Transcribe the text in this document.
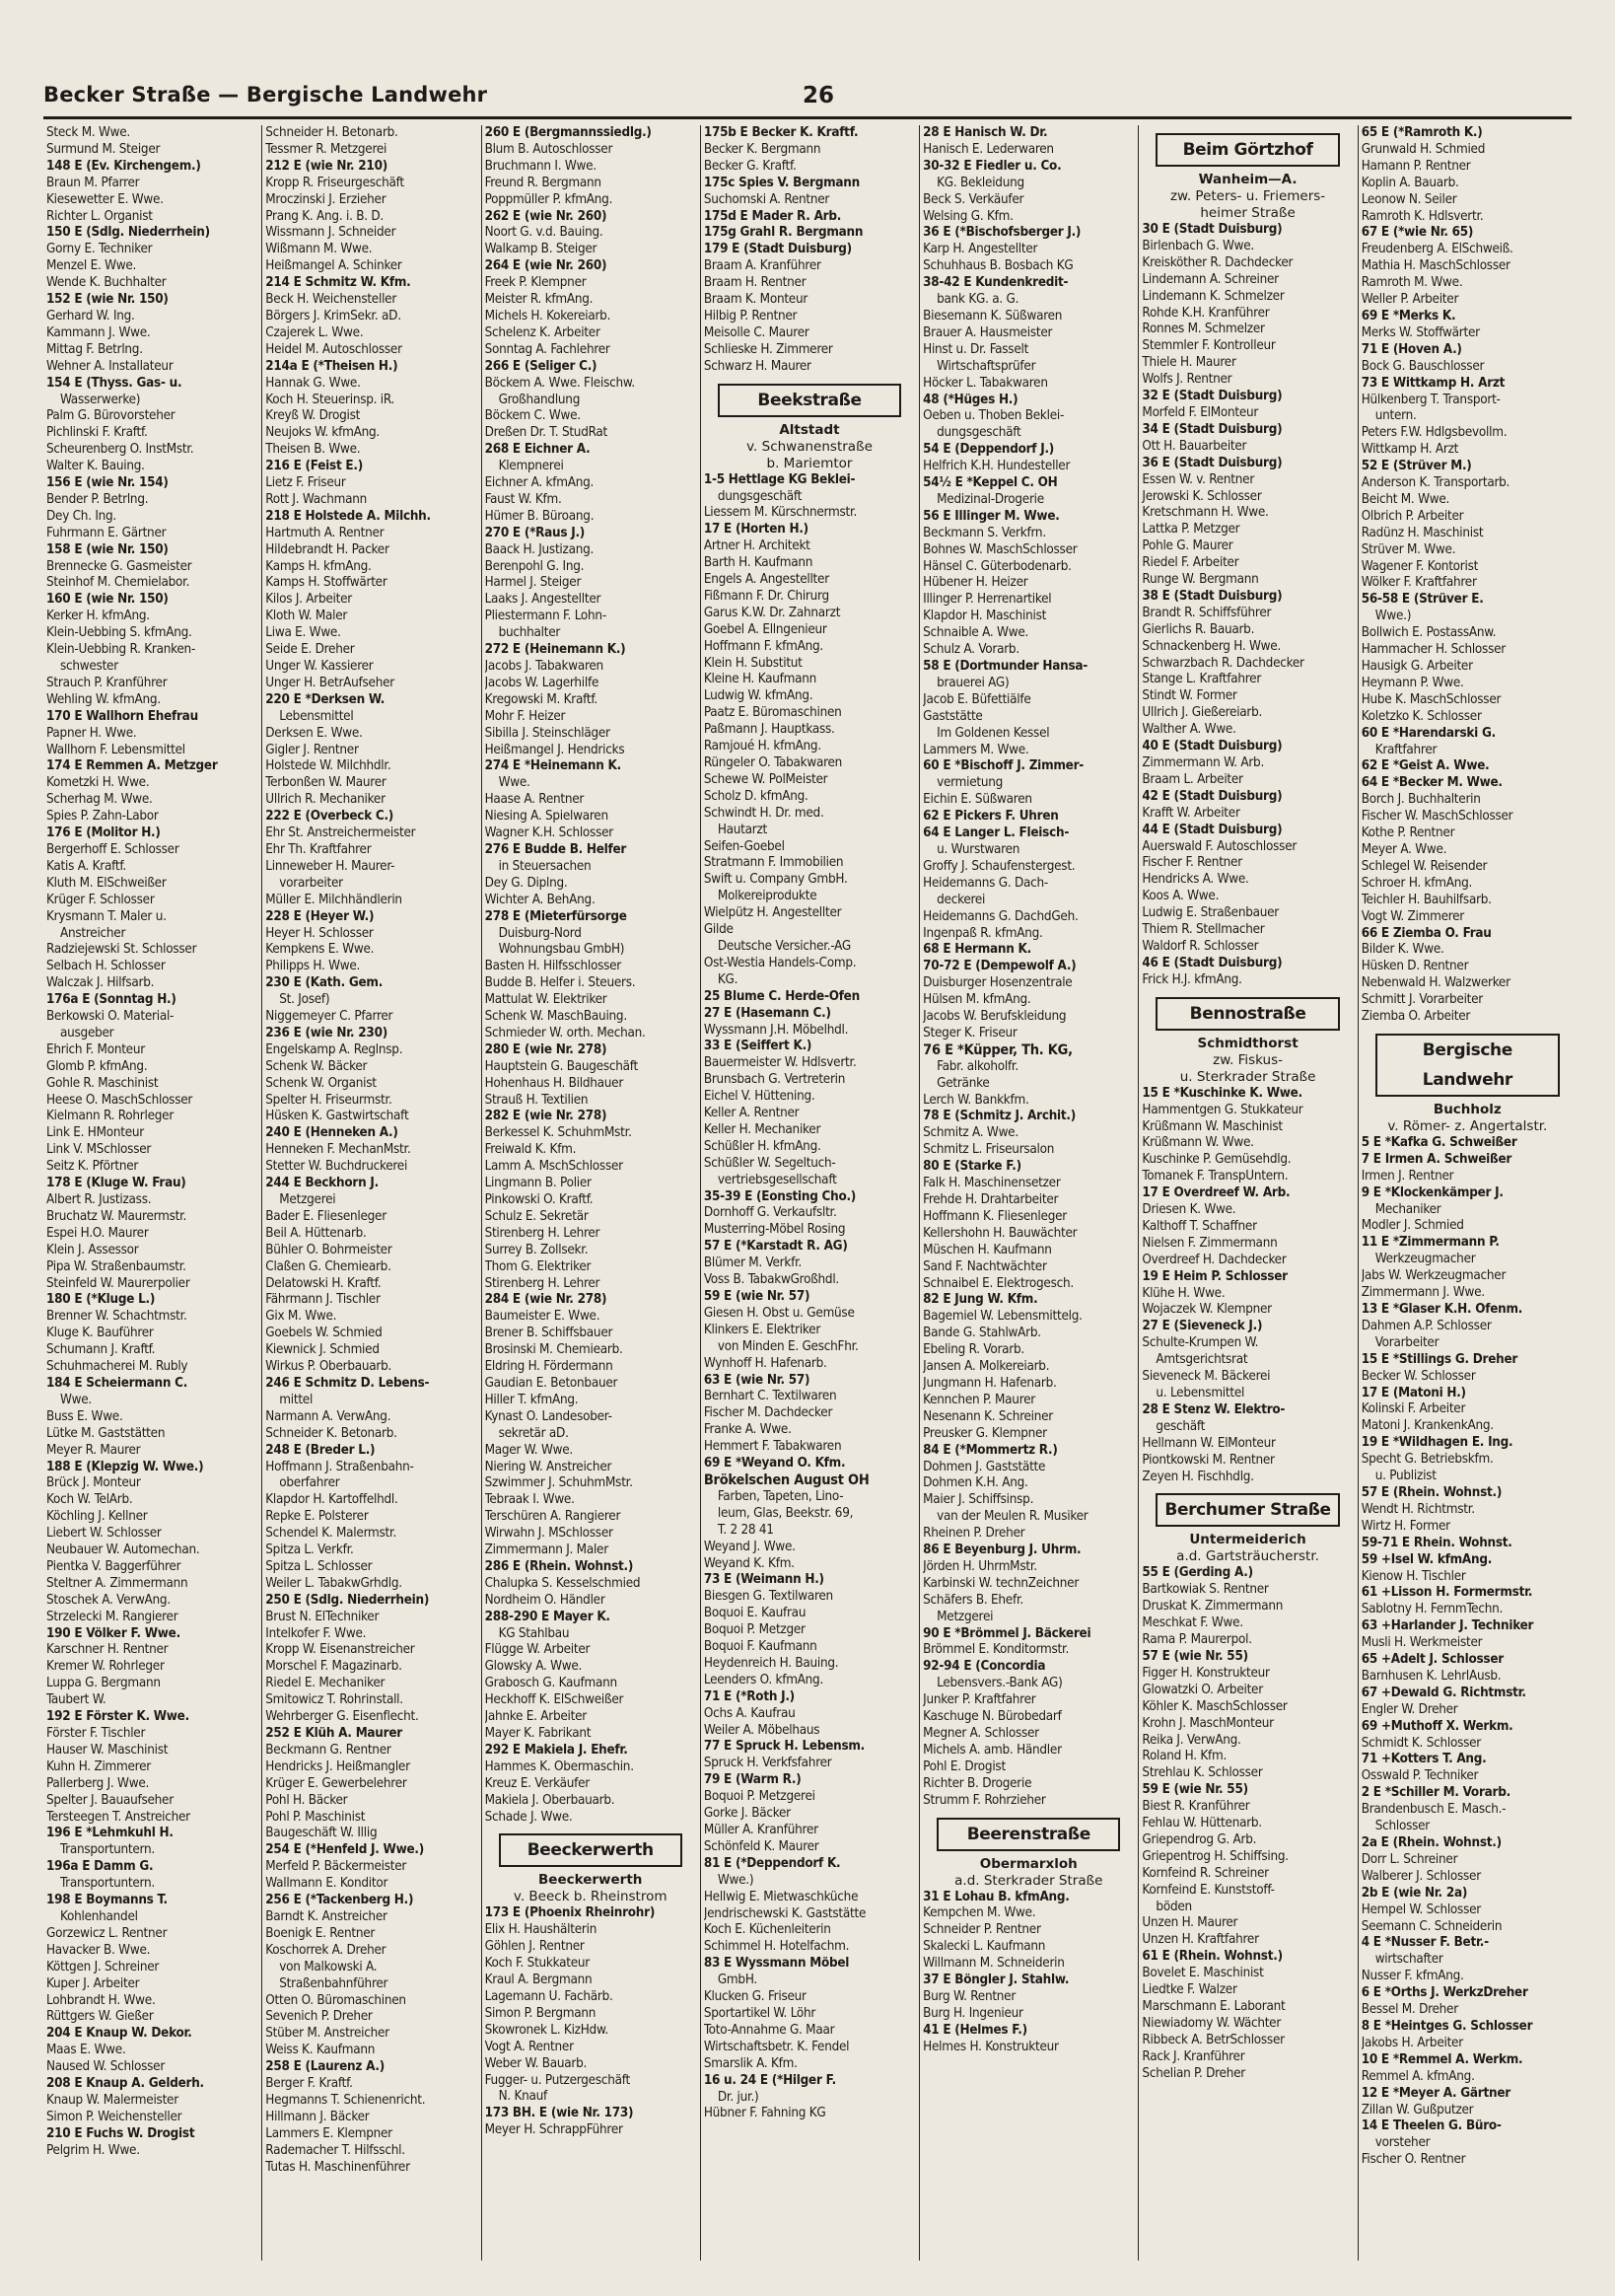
Becker Straße — Bergische Landwehr	26
Steck M. Wwe.
Surmund M. Steiger
148 E (Ev. Kirchengem.)
Braun M. Pfarrer
Kiesewetter E. Wwe.
Richter L. Organist
150 E (Sdlg. Niederrhein)
Gorny E. Techniker
Menzel E. Wwe.
Wende K. Buchhalter
152 E (wie Nr. 150)
Gerhard W. Ing.
Kammann J. Wwe.
Mittag F. Betrlng.
Wehner A. Installateur
154 E (Thyss. Gas- u.
Wasserwerke)
Palm G. Bürovorsteher
Pichlinski F. Kraftf.
Scheurenberg O. InstMstr.
Walter K. Bauing.
156 E (wie Nr. 154)
Bender P. Betrlng.
Dey Ch. Ing.
Fuhrmann E. Gärtner
158 E (wie Nr. 150)
Brennecke G. Gasmeister
Steinhof M. Chemielabor.
160 E (wie Nr. 150)
Kerker H. kfmAng.
Klein-Uebbing S. kfmAng.
Klein-Uebbing R. Kranken-
schwester
Strauch P. Kranführer
Wehling W. kfmAng.
170 E Wallhorn Ehefrau
Papner H. Wwe.
Wallhorn F. Lebensmittel
174 E Remmen A. Metzger
Kometzki H. Wwe.
Scherhag M. Wwe.
Spies P. Zahn-Labor
176 E (Molitor H.)
Bergerhoff E. Schlosser
Katis A. Kraftf.
Kluth M. ElSchweißer
Krüger F. Schlosser
Krysmann T. Maler u.
Anstreicher
Radziejewski St. Schlosser
Selbach H. Schlosser
Walczak J. Hilfsarb.
176a E (Sonntag H.)
Berkowski O. Material-
ausgeber
Ehrich F. Monteur
Glomb P. kfmAng.
Gohle R. Maschinist
Heese O. MaschSchlosser
Kielmann R. Rohrleger
Link E. HMonteur
Link V. MSchlosser
Seitz K. Pförtner
178 E (Kluge W. Frau)
Albert R. Justizass.
Bruchatz W. Maurermstr.
Espei H.O. Maurer
Klein J. Assessor
Pipa W. Straßenbaumstr.
Steinfeld W. Maurerpolier
180 E (*Kluge L.)
Brenner W. Schachtmstr.
Kluge K. Bauführer
Schumann J. Kraftf.
Schuhmacherei M. Rubly
184 E Scheiermann C.
Wwe.
Buss E. Wwe.
Lütke M. Gaststätten
Meyer R. Maurer
188 E (Klepzig W. Wwe.)
Brück J. Monteur
Koch W. TelArb.
Köchling J. Kellner
Liebert W. Schlosser
Neubauer W. Automechan.
Pientka V. Baggerführer
Steltner A. Zimmermann
Stoschek A. VerwAng.
Strzelecki M. Rangierer
190 E Völker F. Wwe.
Karschner H. Rentner
Kremer W. Rohrleger
Luppa G. Bergmann
Taubert W.
192 E Förster K. Wwe.
Förster F. Tischler
Hauser W. Maschinist
Kuhn H. Zimmerer
Pallerberg J. Wwe.
Spelter J. Bauaufseher
Tersteegen T. Anstreicher
196 E *Lehmkuhl H.
Transportuntern.
196a E Damm G.
Transportuntern.
198 E Boymanns T.
Kohlenhandel
Gorzewicz L. Rentner
Havacker B. Wwe.
Köttgen J. Schreiner
Kuper J. Arbeiter
Lohbrandt H. Wwe.
Rüttgers W. Gießer
204 E Knaup W. Dekor.
Maas E. Wwe.
Naused W. Schlosser
208 E Knaup A. Gelderh.
Knaup W. Malermeister
Simon P. Weichensteller
210 E Fuchs W. Drogist
Pelgrim H. Wwe.
Schneider H. Betonarb.
Tessmer R. Metzgerei
212 E (wie Nr. 210)
Kropp R. Friseurgeschäft
Mroczinski J. Erzieher
Prang K. Ang. i. B. D.
Wissmann J. Schneider
Wißmann M. Wwe.
Heißmangel A. Schinker
214 E Schmitz W. Kfm.
Beck H. Weichensteller
Börgers J. KrimSekr. aD.
Czajerek L. Wwe.
Heidel M. Autoschlosser
214a E (*Theisen H.)
Hannak G. Wwe.
Koch H. Steuerinsp. iR.
Kreyß W. Drogist
Neujoks W. kfmAng.
Theisen B. Wwe.
216 E (Feist E.)
Lietz F. Friseur
Rott J. Wachmann
218 E Holstede A. Milchh.
Hartmuth A. Rentner
Hildebrandt H. Packer
Kamps H. kfmAng.
Kamps H. Stoffwärter
Kilos J. Arbeiter
Kloth W. Maler
Liwa E. Wwe.
Seide E. Dreher
Unger W. Kassierer
Unger H. BetrAufseher
220 E *Derksen W.
Lebensmittel
Derksen E. Wwe.
Gigler J. Rentner
Holstede W. Milchhdlr.
Terbonßen W. Maurer
Ullrich R. Mechaniker
222 E (Overbeck C.)
Ehr St. Anstreichermeister
Ehr Th. Kraftfahrer
Linneweber H. Maurer-
vorarbeiter
Müller E. Milchhändlerin
228 E (Heyer W.)
Heyer H. Schlosser
Kempkens E. Wwe.
Philipps H. Wwe.
230 E (Kath. Gem.
St. Josef)
Niggemeyer C. Pfarrer
236 E (wie Nr. 230)
Engelskamp A. Reglnsp.
Schenk W. Bäcker
Schenk W. Organist
Spelter H. Friseurmstr.
Hüsken K. Gastwirtschaft
240 E (Henneken A.)
Henneken F. MechanMstr.
Stetter W. Buchdruckerei
244 E Beckhorn J.
Metzgerei
Bader E. Fliesenleger
Beil A. Hüttenarb.
Bühler O. Bohrmeister
Claßen G. Chemiearb.
Delatowski H. Kraftf.
Fährmann J. Tischler
Gix M. Wwe.
Goebels W. Schmied
Kiewnick J. Schmied
Wirkus P. Oberbauarb.
246 E Schmitz D. Lebens-
mittel
Narmann A. VerwAng.
Schneider K. Betonarb.
248 E (Breder L.)
Hoffmann J. Straßenbahn-
oberfahrer
Klapdor H. Kartoffelhdl.
Repke E. Polsterer
Schendel K. Malermstr.
Spitza L. Verkfr.
Spitza L. Schlosser
Weiler L. TabakwGrhdlg.
250 E (Sdlg. Niederrhein)
Brust N. ElTechniker
Intelkofer F. Wwe.
Kropp W. Eisenanstreicher
Morschel F. Magazinarb.
Riedel E. Mechaniker
Smitowicz T. Rohrinstall.
Wehrberger G. Eisenflecht.
252 E Klüh A. Maurer
Beckmann G. Rentner
Hendricks J. Heißmangler
Krüger E. Gewerbelehrer
Pohl H. Bäcker
Pohl P. Maschinist
Baugeschäft W. Illig
254 E (*Henfeld J. Wwe.)
Merfeld P. Bäckermeister
Wallmann E. Konditor
256 E (*Tackenberg H.)
Barndt K. Anstreicher
Boenigk E. Rentner
Koschorrek A. Dreher
von Malkowski A.
Straßenbahnführer
Otten O. Büromaschinen
Sevenich P. Dreher
Stüber M. Anstreicher
Weiss K. Kaufmann
258 E (Laurenz A.)
Berger F. Kraftf.
Hegmanns T. Schienenricht.
Hillmann J. Bäcker
Lammers E. Klempner
Rademacher T. Hilfsschl.
Tutas H. Maschinenführer
260 E (Bergmannssiedlg.)
Blum B. Autoschlosser
Bruchmann I. Wwe.
Freund R. Bergmann
Poppmüller P. kfmAng.
262 E (wie Nr. 260)
Noort G. v.d. Bauing.
Walkamp B. Steiger
264 E (wie Nr. 260)
Freek P. Klempner
Meister R. kfmAng.
Michels H. Kokereiarb.
Schelenz K. Arbeiter
Sonntag A. Fachlehrer
266 E (Seliger C.)
Böckem A. Wwe. Fleischw.
Großhandlung
Böckem C. Wwe.
Dreßen Dr. T. StudRat
268 E Eichner A.
Klempnerei
Eichner A. kfmAng.
Faust W. Kfm.
Hümer B. Büroang.
270 E (*Raus J.)
Baack H. Justizang.
Berenpohl G. Ing.
Harmel J. Steiger
Laaks J. Angestellter
Pliestermann F. Lohn-
buchhalter
272 E (Heinemann K.)
Jacobs J. Tabakwaren
Jacobs W. Lagerhilfe
Kregowski M. Kraftf.
Mohr F. Heizer
Sibilla J. Steinschläger
Heißmangel J. Hendricks
274 E *Heinemann K.
Wwe.
Haase A. Rentner
Niesing A. Spielwaren
Wagner K.H. Schlosser
276 E Budde B. Helfer
in Steuersachen
Dey G. Diplng.
Wichter A. BehAng.
278 E (Mieterfürsorge
Duisburg-Nord
Wohnungsbau GmbH)
Basten H. Hilfsschlosser
Budde B. Helfer i. Steuers.
Mattulat W. Elektriker
Schenk W. MaschBauing.
Schmieder W. orth. Mechan.
280 E (wie Nr. 278)
Hauptstein G. Baugeschäft
Hohenhaus H. Bildhauer
Strauß H. Textilien
282 E (wie Nr. 278)
Berkessel K. SchuhmMstr.
Freiwald K. Kfm.
Lamm A. MschSchlosser
Lingmann B. Polier
Pinkowski O. Kraftf.
Schulz E. Sekretär
Stirenberg H. Lehrer
Surrey B. Zollsekr.
Thom G. Elektriker
Stirenberg H. Lehrer
284 E (wie Nr. 278)
Baumeister E. Wwe.
Brener B. Schiffsbauer
Brosinski M. Chemiearb.
Eldring H. Fördermann
Gaudian E. Betonbauer
Hiller T. kfmAng.
Kynast O. Landesober-
sekretär aD.
Mager W. Wwe.
Niering W. Anstreicher
Szwimmer J. SchuhmMstr.
Tebraak I. Wwe.
Terschüren A. Rangierer
Wirwahn J. MSchlosser
Zimmermann J. Maler
286 E (Rhein. Wohnst.)
Chalupka S. Kesselschmied
Nordheim O. Händler
288-290 E Mayer K.
KG Stahlbau
Flügge W. Arbeiter
Glowsky A. Wwe.
Grabosch G. Kaufmann
Heckhoff K. ElSchweißer
Jahnke E. Arbeiter
Mayer K. Fabrikant
292 E Makiela J. Ehefr.
Hammes K. Obermaschin.
Kreuz E. Verkäufer
Makiela J. Oberbauarb.
Schade J. Wwe.
Beeckerwerth
Beeckerwerth
v. Beeck b. Rheinstrom
173 E (Phoenix Rheinrohr)
Elix H. Haushälterin
Göhlen J. Rentner
Koch F. Stukkateur
Kraul A. Bergmann
Lagemann U. Fachärb.
Simon P. Bergmann
Skowronek L. KizHdw.
Vogt A. Rentner
Weber W. Bauarb.
Fugger- u. Putzergeschäft
N. Knauf
173 BH. E (wie Nr. 173)
Meyer H. SchrappFührer
175b E Becker K. Kraftf.
Becker K. Bergmann
Becker G. Kraftf.
175c Spies V. Bergmann
Suchomski A. Rentner
175d E Mader R. Arb.
175g Grahl R. Bergmann
179 E (Stadt Duisburg)
Braam A. Kranführer
Braam H. Rentner
Braam K. Monteur
Hilbig P. Rentner
Meisolle C. Maurer
Schlieske H. Zimmerer
Schwarz H. Maurer
Beekstraße
Altstadt
v. Schwanenstraße
b. Mariemtor
1-5 Hettlage KG Beklei-
dungsgeschäft
Liessem M. Kürschnermstr.
17 E (Horten H.)
Artner H. Architekt
Barth H. Kaufmann
Engels A. Angestellter
Fißmann F. Dr. Chirurg
Garus K.W. Dr. Zahnarzt
Goebel A. Ellngenieur
Hoffmann F. kfmAng.
Klein H. Substitut
Kleine H. Kaufmann
Ludwig W. kfmAng.
Paatz E. Büromaschinen
Paßmann J. Hauptkass.
Ramjoué H. kfmAng.
Rüngeler O. Tabakwaren
Schewe W. PolMeister
Scholz D. kfmAng.
Schwindt H. Dr. med.
Hautarzt
Seifen-Goebel
Stratmann F. Immobilien
Swift u. Company GmbH.
Molkereiprodukte
Wielpütz H. Angestellter
Gilde
Deutsche Versicher.-AG
Ost-Westia Handels-Comp.
KG.
25 Blume C. Herde-Öfen
27 E (Hasemann C.)
Wyssmann J.H. Möbelhdl.
33 E (Seiffert K.)
Bauermeister W. Hdlsvertr.
Brunsbach G. Vertreterin
Eichel V. Hüttening.
Keller A. Rentner
Keller H. Mechaniker
Schüßler H. kfmAng.
Schüßler W. Segeltuch-
vertriebsgesellschaft
35-39 E (Eonsting Cho.)
Dornhoff G. Verkaufsltr.
Musterring-Möbel Rosing
57 E (*Karstadt R. AG)
Blümer M. Verkfr.
Voss B. TabakwGroßhdl.
59 E (wie Nr. 57)
Giesen H. Obst u. Gemüse
Klinkers E. Elektriker
von Minden E. GeschFhr.
Wynhoff H. Hafenarb.
63 E (wie Nr. 57)
Bernhart C. Textilwaren
Fischer M. Dachdecker
Franke A. Wwe.
Hemmert F. Tabakwaren
69 E *Weyand O. Kfm.
Brökelschen August OH
Farben, Tapeten, Lino-
leum, Glas, Beekstr. 69,
T. 2 28 41
Weyand J. Wwe.
Weyand K. Kfm.
73 E (Weimann H.)
Biesgen G. Textilwaren
Boquoi E. Kaufrau
Boquoi P. Metzger
Boquoi F. Kaufmann
Heydenreich H. Bauing.
Leenders O. kfmAng.
71 E (*Roth J.)
Ochs A. Kaufrau
Weiler A. Möbelhaus
77 E Spruck H. Lebensm.
Spruck H. Verkfsfahrer
79 E (Warm R.)
Boquoi P. Metzgerei
Gorke J. Bäcker
Müller A. Kranführer
Schönfeld K. Maurer
81 E (*Deppendorf K.
Wwe.)
Hellwig E. Mietwaschküche
Jendrischewski K. Gaststätte
Koch E. Küchenleiterin
Schimmel H. Hotelfachm.
83 E Wyssmann Möbel
GmbH.
Klucken G. Friseur
Sportartikel W. Löhr
Toto-Annahme G. Maar
Wirtschaftsbetr. K. Fendel
Smarslik A. Kfm.
16 u. 24 E (*Hilger F.
Dr. jur.)
Hübner F. Fahning KG
28 E Hanisch W. Dr.
Hanisch E. Lederwaren
30-32 E Fiedler u. Co.
KG. Bekleidung
Beck S. Verkäufer
Welsing G. Kfm.
36 E (*Bischofsberger J.)
Karp H. Angestellter
Schuhhaus B. Bosbach KG
38-42 E Kundenkredit-
bank KG. a. G.
Biesemann K. Süßwaren
Brauer A. Hausmeister
Hinst u. Dr. Fasselt
Wirtschaftsprüfer
Höcker L. Tabakwaren
48 (*Hüges H.)
Oeben u. Thoben Beklei-
dungsgeschäft
54 E (Deppendorf J.)
Helfrich K.H. Hundesteller
54½ E *Keppel C. OH
Medizinal-Drogerie
56 E Illinger M. Wwe.
Beckmann S. Verkfrn.
Bohnes W. MaschSchlosser
Hänsel C. Güterbodenarb.
Hübener H. Heizer
Illinger P. Herrenartikel
Klapdor H. Maschinist
Schnaible A. Wwe.
Schulz A. Vorarb.
58 E (Dortmunder Hansa-
brauerei AG)
Jacob E. Büfettiälfe
Gaststätte
Im Goldenen Kessel
Lammers M. Wwe.
60 E *Bischoff J. Zimmer-
vermietung
Eichin E. Süßwaren
62 E Pickers F. Uhren
64 E Langer L. Fleisch-
u. Wurstwaren
Groffy J. Schaufenstergest.
Heidemanns G. Dach-
deckerei
Heidemanns G. DachdGeh.
Ingenpaß R. kfmAng.
68 E Hermann K.
70-72 E (Dempewolf A.)
Duisburger Hosenzentrale
Hülsen M. kfmAng.
Jacobs W. Berufskleidung
Steger K. Friseur
76 E *Küpper, Th. KG,
Fabr. alkoholfr.
Getränke
Lerch W. Bankkfm.
78 E (Schmitz J. Archit.)
Schmitz A. Wwe.
Schmitz L. Friseursalon
80 E (Starke F.)
Falk H. Maschinensetzer
Frehde H. Drahtarbeiter
Hoffmann K. Fliesenleger
Kellershohn H. Bauwächter
Müschen H. Kaufmann
Sand F. Nachtwächter
Schnaibel E. Elektrogesch.
82 E Jung W. Kfm.
Bagemiel W. Lebensmittelg.
Bande G. StahlwArb.
Ebeling R. Vorarb.
Jansen A. Molkereiarb.
Jungmann H. Hafenarb.
Kennchen P. Maurer
Nesenann K. Schreiner
Preusker G. Klempner
84 E (*Mommertz R.)
Dohmen J. Gaststätte
Dohmen K.H. Ang.
Maier J. Schiffsinsp.
van der Meulen R. Musiker
Rheinen P. Dreher
86 E Beyenburg J. Uhrm.
Jörden H. UhrmMstr.
Karbinski W. technZeichner
Schäfers B. Ehefr.
Metzgerei
90 E *Brömmel J. Bäckerei
Brömmel E. Konditormstr.
92-94 E (Concordia
Lebensvers.-Bank AG)
Junker P. Kraftfahrer
Kaschuge N. Bürobedarf
Megner A. Schlosser
Michels A. amb. Händler
Pohl E. Drogist
Richter B. Drogerie
Strumm F. Rohrzieher
Beerenstraße
Obermarxloh
a.d. Sterkrader Straße
31 E Lohau B. kfmAng.
Kempchen M. Wwe.
Schneider P. Rentner
Skalecki L. Kaufmann
Willmann M. Schneiderin
37 E Böngler J. Stahlw.
Burg W. Rentner
Burg H. Ingenieur
41 E (Helmes F.)
Helmes H. Konstrukteur
Beim Görtzhof
Wanheim—A.
zw. Peters- u. Friemers-
heimer Straße
30 E (Stadt Duisburg)
Birlenbach G. Wwe.
Kreisköther R. Dachdecker
Lindemann A. Schreiner
Lindemann K. Schmelzer
Rohde K.H. Kranführer
Ronnes M. Schmelzer
Stemmler F. Kontrolleur
Thiele H. Maurer
Wolfs J. Rentner
32 E (Stadt Duisburg)
Morfeld F. ElMonteur
34 E (Stadt Duisburg)
Ott H. Bauarbeiter
36 E (Stadt Duisburg)
Essen W. v. Rentner
Jerowski K. Schlosser
Kretschmann H. Wwe.
Lattka P. Metzger
Pohle G. Maurer
Riedel F. Arbeiter
Runge W. Bergmann
38 E (Stadt Duisburg)
Brandt R. Schiffsführer
Gierlichs R. Bauarb.
Schnackenberg H. Wwe.
Schwarzbach R. Dachdecker
Stange L. Kraftfahrer
Stindt W. Former
Ullrich J. Gießereiarb.
Walther A. Wwe.
40 E (Stadt Duisburg)
Zimmermann W. Arb.
Braam L. Arbeiter
42 E (Stadt Duisburg)
Krafft W. Arbeiter
44 E (Stadt Duisburg)
Auerswald F. Autoschlosser
Fischer F. Rentner
Hendricks A. Wwe.
Koos A. Wwe.
Ludwig E. Straßenbauer
Thiem R. Stellmacher
Waldorf R. Schlosser
46 E (Stadt Duisburg)
Frick H.J. kfmAng.
Bennostraße
Schmidthorst
zw. Fiskus-
u. Sterkrader Straße
15 E *Kuschinke K. Wwe.
Hammentgen G. Stukkateur
Krüßmann W. Maschinist
Krüßmann W. Wwe.
Kuschinke P. Gemüsehdlg.
Tomanek F. TranspUntern.
17 E Overdreef W. Arb.
Driesen K. Wwe.
Kalthoff T. Schaffner
Nielsen F. Zimmermann
Overdreef H. Dachdecker
19 E Heim P. Schlosser
Klühe H. Wwe.
Wojaczek W. Klempner
27 E (Sieveneck J.)
Schulte-Krumpen W.
Amtsgerichtsrat
Sieveneck M. Bäckerei
u. Lebensmittel
28 E Stenz W. Elektro-
geschäft
Hellmann W. ElMonteur
Piontkowski M. Rentner
Zeyen H. Fischhdlg.
Berchumer Straße
Untermeiderich
a.d. Gartsträucherstr.
55 E (Gerding A.)
Bartkowiak S. Rentner
Druskat K. Zimmermann
Meschkat F. Wwe.
Rama P. Maurerpol.
57 E (wie Nr. 55)
Figger H. Konstrukteur
Glowatzki O. Arbeiter
Köhler K. MaschSchlosser
Krohn J. MaschMonteur
Reika J. VerwAng.
Roland H. Kfm.
Strehlau K. Schlosser
59 E (wie Nr. 55)
Biest R. Kranführer
Fehlau W. Hüttenarb.
Griependrog G. Arb.
Griepentrog H. Schiffsing.
Kornfeind R. Schreiner
Kornfeind E. Kunststoff-
böden
Unzen H. Maurer
Unzen H. Kraftfahrer
61 E (Rhein. Wohnst.)
Bovelet E. Maschinist
Liedtke F. Walzer
Marschmann E. Laborant
Niewiadomy W. Wächter
Ribbeck A. BetrSchlosser
Rack J. Kranführer
Schelian P. Dreher
65 E (*Ramroth K.)
Grunwald H. Schmied
Hamann P. Rentner
Koplin A. Bauarb.
Leonow N. Seiler
Ramroth K. Hdlsvertr.
67 E (*wie Nr. 65)
Freudenberg A. ElSchweiß.
Mathia H. MaschSchlosser
Ramroth M. Wwe.
Weller P. Arbeiter
69 E *Merks K.
Merks W. Stoffwärter
71 E (Hoven A.)
Bock G. Bauschlosser
73 E Wittkamp H. Arzt
Hülkenberg T. Transport-
untern.
Peters F.W. Hdlgsbevollm.
Wittkamp H. Arzt
52 E (Strüver M.)
Anderson K. Transportarb.
Beicht M. Wwe.
Olbrich P. Arbeiter
Radünz H. Maschinist
Strüver M. Wwe.
Wagener F. Kontorist
Wölker F. Kraftfahrer
56-58 E (Strüver E.
Wwe.)
Bollwich E. PostassAnw.
Hammacher H. Schlosser
Hausigk G. Arbeiter
Heymann P. Wwe.
Hube K. MaschSchlosser
Koletzko K. Schlosser
60 E *Harendarski G.
Kraftfahrer
62 E *Geist A. Wwe.
64 E *Becker M. Wwe.
Borch J. Buchhalterin
Fischer W. MaschSchlosser
Kothe P. Rentner
Meyer A. Wwe.
Schlegel W. Reisender
Schroer H. kfmAng.
Teichler H. Bauhilfsarb.
Vogt W. Zimmerer
66 E Ziemba O. Frau
Bilder K. Wwe.
Hüsken D. Rentner
Nebenwald H. Walzwerker
Schmitt J. Vorarbeiter
Ziemba O. Arbeiter
Bergische Landwehr
Buchholz
v. Römer- z. Angertalstr.
5 E *Kafka G. Schweißer
7 E Irmen A. Schweißer
Irmen J. Rentner
9 E *Klockenkämper J.
Mechaniker
Modler J. Schmied
11 E *Zimmermann P.
Werkzeugmacher
Jabs W. Werkzeugmacher
Zimmermann J. Wwe.
13 E *Glaser K.H. Ofenm.
Dahmen A.P. Schlosser
Vorarbeiter
15 E *Stillings G. Dreher
Becker W. Schlosser
17 E (Matoni H.)
Kolinski F. Arbeiter
Matoni J. KrankenkAng.
19 E *Wildhagen E. Ing.
Specht G. Betriebskfm.
u. Publizist
57 E (Rhein. Wohnst.)
Wendt H. Richtmstr.
Wirtz H. Former
59-71 E Rhein. Wohnst.
59 +Isel W. kfmAng.
Kienow H. Tischler
61 +Lisson H. Formermstr.
Sablotny H. FernmTechn.
63 +Harlander J. Techniker
Musli H. Werkmeister
65 +Adelt J. Schlosser
Barnhusen K. LehrlAusb.
67 +Dewald G. Richtmstr.
Engler W. Dreher
69 +Muthoff X. Werkm.
Schmidt K. Schlosser
71 +Kotters T. Ang.
Osswald P. Techniker
2 E *Schiller M. Vorarb.
Brandenbusch E. Masch.-
Schlosser
2a E (Rhein. Wohnst.)
Dorr L. Schreiner
Walberer J. Schlosser
2b E (wie Nr. 2a)
Hempel W. Schlosser
Seemann C. Schneiderin
4 E *Nusser F. Betr.-
wirtschafter
Nusser F. kfmAng.
6 E *Orths J. WerkzDreher
Bessel M. Dreher
8 E *Heintges G. Schlosser
Jakobs H. Arbeiter
10 E *Remmel A. Werkm.
Remmel A. kfmAng.
12 E *Meyer A. Gärtner
Zillan W. Gußputzer
14 E Theelen G. Büro-
vorsteher
Fischer O. Rentner
